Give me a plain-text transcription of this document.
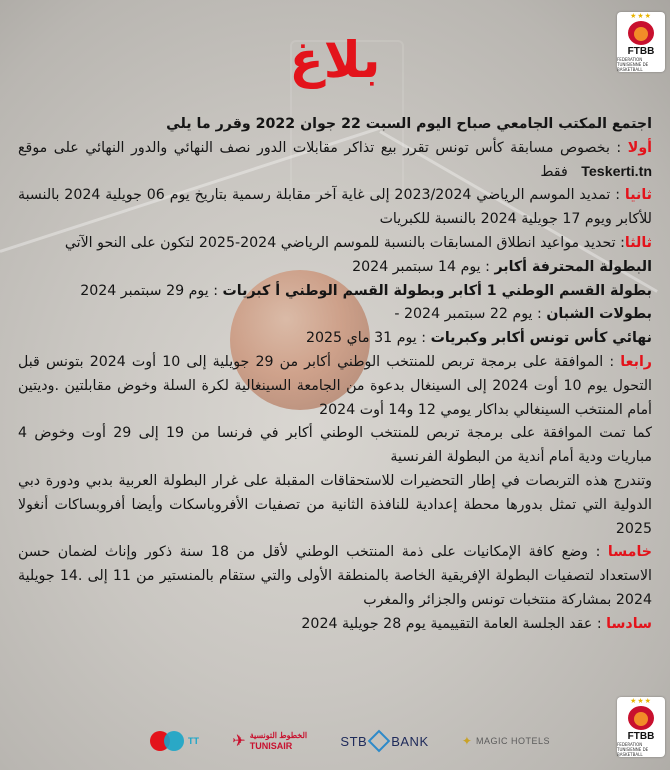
★★★
FTBB
FEDERATION TUNISIENNE DE BASKETBALL
بلاغ

اجتمع المكتب الجامعي صباح اليوم السبت 22 جوان 2022 وقرر ما يلي

أولا : بخصوص مسابقة كأس تونس تقرر بيع تذاكر مقابلات الدور نصف النهائي والدور النهائي على موقع Teskerti.tn   فقط

ثانيا : تمديد الموسم الرياضي 2023/2024 إلى غاية آخر مقابلة رسمية بتاريخ يوم 06 جويلية 2024 بالنسبة للأكابر ويوم 17 جويلية 2024 بالنسبة للكبريات

ثالثا: تحديد مواعيد انطلاق المسابقات بالنسبة للموسم الرياضي 2024-2025 لتكون على النحو الآتي

البطولة المحترفة أكابر : يوم 14 سبتمبر 2024

بطولة القسم الوطني 1 أكابر وبطولة القسم الوطني أ كبريات : يوم 29 سبتمبر 2024

بطولات الشبان : يوم 22 سبتمبر 2024 -

نهائي كأس تونس أكابر وكبريات : يوم 31 ماي 2025

رابعا : الموافقة على برمجة تربص للمنتخب الوطني أكابر من 29 جويلية إلى 10 أوت 2024 بتونس قبل التحول يوم 10 أوت 2024 إلى السينغال بدعوة من الجامعة السينغالية لكرة السلة وخوض مقابلتين .وديتين أمام المنتخب السينغالي بداكار يومي 12 و14 أوت 2024

كما تمت الموافقة على برمجة تربص للمنتخب الوطني أكابر في فرنسا من 19 إلى 29 أوت وخوض 4 مباريات ودية أمام أندية من البطولة الفرنسية

وتندرج هذه التربصات في إطار التحضيرات للاستحقاقات المقبلة على غرار البطولة العربية بدبي ودورة دبي الدولية التي تمثل بدورها محطة إعدادية للنافذة الثانية من تصفيات الأفروباسكات وأيضا أفروبساكات أنغولا 2025

خامسا : وضع كافة الإمكانيات على ذمة المنتخب الوطني لأقل من 18 سنة ذكور وإناث لضمان حسن الاستعداد لتصفيات البطولة الإفريقية الخاصة بالمنطقة الأولى والتي ستقام بالمنستير من 11 إلى .14 جويلية 2024 بمشاركة منتخبات تونس والجزائر والمغرب

سادسا : عقد الجلسة العامة التقييمية يوم 28 جويلية 2024

TT ✈ الخطوط التونسية
TUNISAIR	STB BANK	✦ MAGIC HOTELS
★★★
FTBB
FEDERATION TUNISIENNE DE BASKETBALL
